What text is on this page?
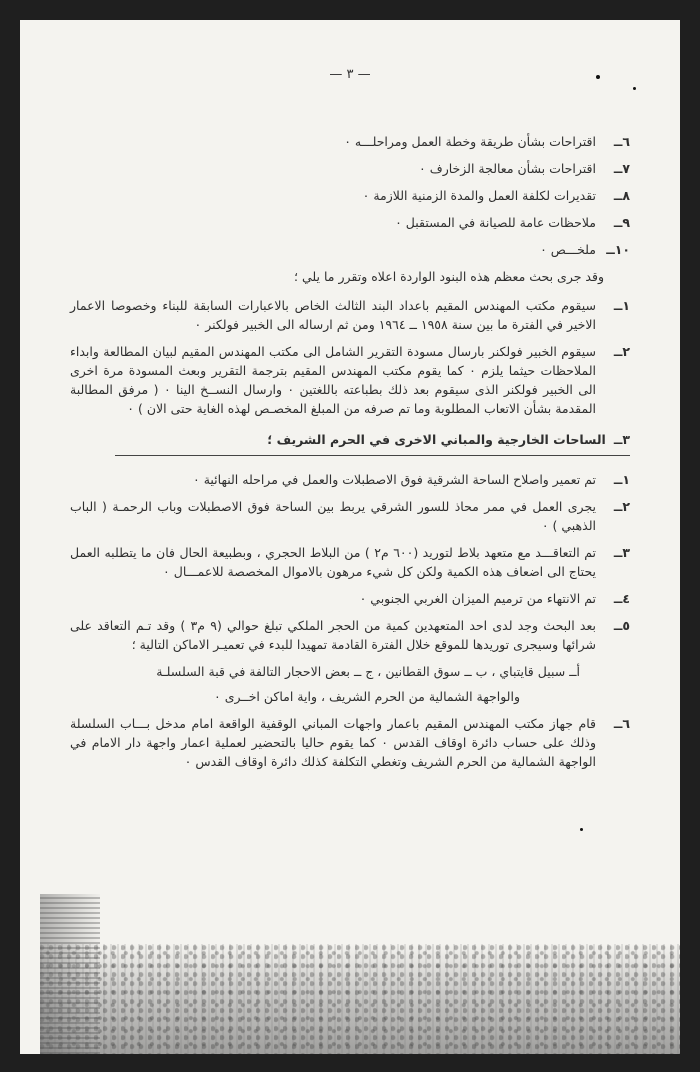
— ٣ —
٦ــ
اقتراحات بشأن طريقة وخطة العمل ومراحلـــه ٠
٧ــ
اقتراحات بشأن معالجة الزخارف ٠
٨ــ
تقديرات لكلفة العمل والمدة الزمنية اللازمة ٠
٩ــ
ملاحظات عامة للصيانة في المستقبل ٠
١٠ــ
ملخـــص ٠
وقد جرى بحث معظم هذه البنود الواردة اعلاه وتقرر ما يلي ؛
١ــ
سيقوم مكتب المهندس المقيم باعداد البند الثالث الخاص بالاعبارات السابقة للبناء وخصوصا الاعمار الاخير في الفترة ما بين سنة ١٩٥٨ ــ ١٩٦٤ ومن ثم ارساله الى الخبير فولكنر ٠
٢ــ
سيقوم الخبير فولكنر بارسال مسودة التقرير الشامل الى مكتب المهندس المقيم لبيان المطالعة وابداء الملاحظات حيثما يلزم ٠ كما يقوم مكتب المهندس المقيم بترجمة التقرير وبعث المسودة مرة اخرى الى الخبير فولكنر الذى سيقوم بعد ذلك بطباعته باللغتين ٠ وارسال النســخ الينا ٠ ( مرفق المطالبة المقدمة بشأن الاتعاب المطلوبة وما تم صرفه من المبلغ المخصـص لهذه الغاية حتى الان ) ٠
٣ــ
الساحات الخارجية والمباني الاخرى في الحرم الشريف ؛
١ــ
تم تعمير واصلاح الساحة الشرقية فوق الاصطبلات والعمل في مراحله النهائية ٠
٢ــ
يجرى العمل في ممر محاذ للسور الشرقي يربط بين الساحة فوق الاصطبلات وباب الرحمـة ( الباب الذهبي ) ٠
٣ــ
تم التعاقـــد مع متعهد بلاط لتوريد (٦٠٠ م٢ ) من البلاط الحجري ، وبطبيعة الحال فان ما يتطلبه العمل يحتاج الى اضعاف هذه الكمية ولكن كل شيء مرهون بالاموال المخصصة للاعمـــال ٠
٤ــ
تم الانتهاء من ترميم الميزان الغربي الجنوبي ٠
٥ــ
بعد البحث وجد لدى احد المتعهدين كمية من الحجر الملكي تبلغ حوالي (٩ م٣ ) وقد تـم التعاقد على شرائها وسيجرى توريدها للموقع خلال الفترة القادمة تمهيدا للبدء في تعميـر الاماكن التالية ؛
أــ سبيل قايتباي ، ب ــ سوق القطانين ، ج ــ بعض الاحجار التالفة في قبة السلسلـة
والواجهة الشمالية من الحرم الشريف ، واية اماكن اخــرى ٠
٦ــ
قام جهاز مكتب المهندس المقيم باعمار واجهات المباني الوقفية الواقعة امام مدخل بـــاب السلسلة وذلك على حساب دائرة اوقاف القدس ٠ كما يقوم حاليا بالتحضير لعملية اعمار واجهة دار الامام في الواجهة الشمالية من الحرم الشريف وتغطي التكلفة كذلك دائرة اوقاف القدس ٠
